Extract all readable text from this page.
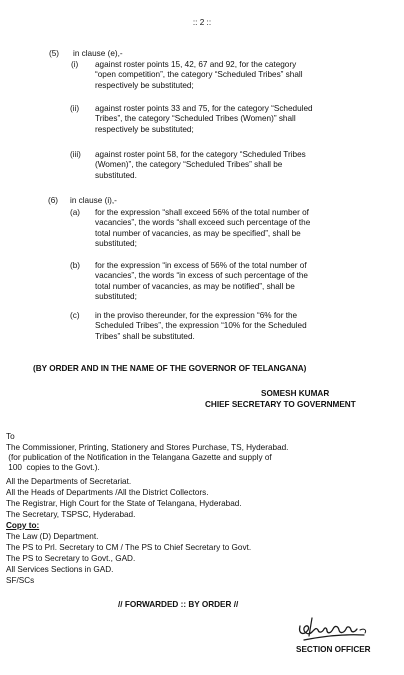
:: 2 ::
(5) in clause (e),-
(i) against roster points 15, 42, 67 and 92, for the category
“open competition”, the category “Scheduled Tribes” shall
respectively be substituted;
(ii) against roster points 33 and 75, for the category “Scheduled
Tribes”, the category “Scheduled Tribes (Women)” shall
respectively be substituted;
(iii) against roster point 58, for the category “Scheduled Tribes
(Women)”, the category “Scheduled Tribes” shall be
substituted.
(6) in clause (i),-
(a) for the expression “shall exceed 56% of the total number of
vacancies”, the words “shall exceed such percentage of the
total number of vacancies, as may be specified”, shall be
substituted;
(b) for the expression “in excess of 56% of the total number of
vacancies”, the words “in excess of such percentage of the
total number of vacancies, as may be notified”, shall be
substituted;
(c) in the proviso thereunder, for the expression “6% for the
Scheduled Tribes”, the expression “10% for the Scheduled
Tribes” shall be substituted.
(BY ORDER AND IN THE NAME OF THE GOVERNOR OF TELANGANA)
SOMESH KUMAR
CHIEF SECRETARY TO GOVERNMENT
To
The Commissioner, Printing, Stationery and Stores Purchase, TS, Hyderabad.
(for publication of the Notification in the Telangana Gazette and supply of
100  copies to the Govt.).
All the Departments of Secretariat.
All the Heads of Departments /All the District Collectors.
The Registrar, High Court for the State of Telangana, Hyderabad.
The Secretary, TSPSC, Hyderabad.
Copy to:
The Law (D) Department.
The PS to Prl. Secretary to CM / The PS to Chief Secretary to Govt.
The PS to Secretary to Govt., GAD.
All Services Sections in GAD.
SF/SCs
// FORWARDED :: BY ORDER //
SECTION OFFICER
